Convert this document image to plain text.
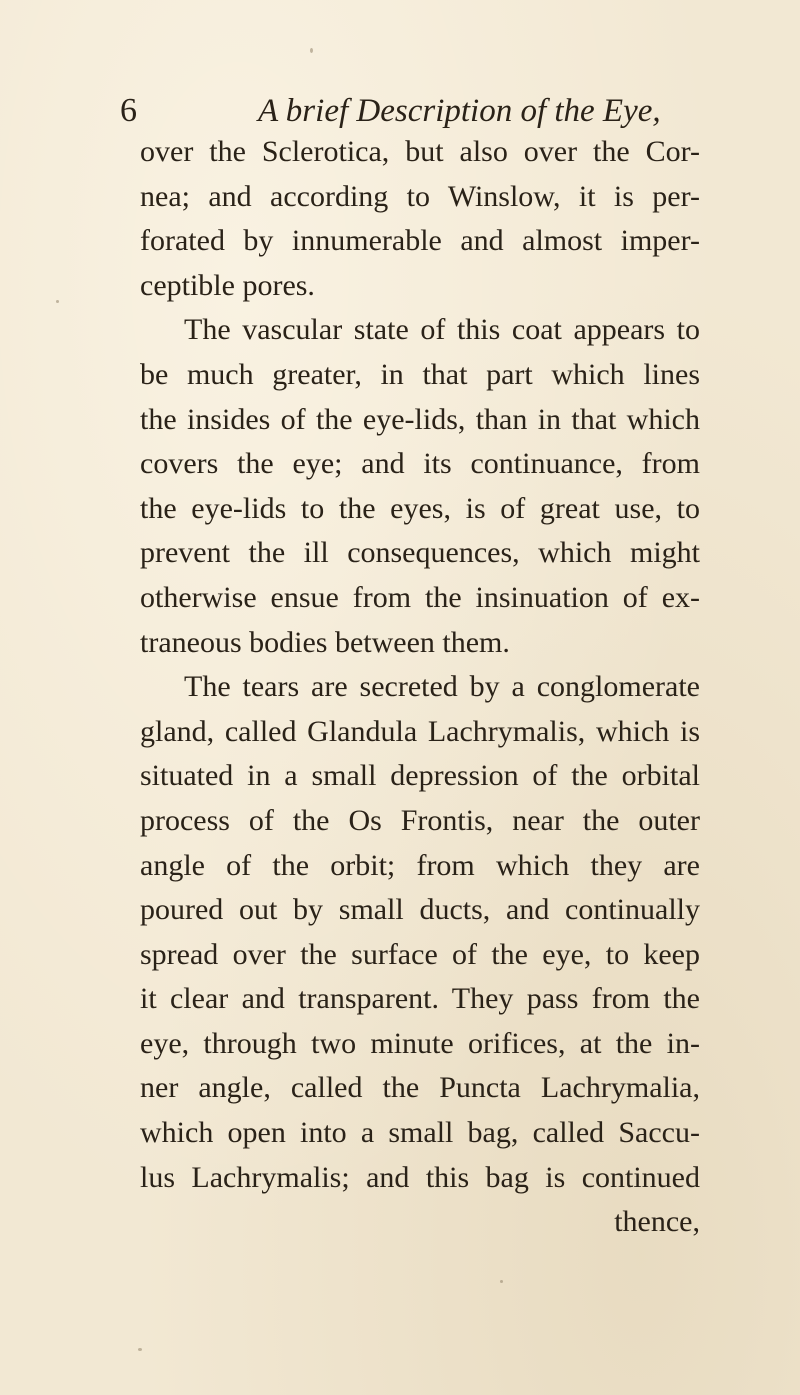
6	A brief Description of the Eye,
over the Sclerotica, but also over the Cor-
nea; and according to Winslow, it is per-
forated by innumerable and almost imper-
ceptible pores.
The vascular state of this coat appears to
be much greater, in that part which lines
the insides of the eye-lids, than in that which
covers the eye; and its continuance, from
the eye-lids to the eyes, is of great use, to
prevent the ill consequences, which might
otherwise ensue from the insinuation of ex-
traneous bodies between them.
The tears are secreted by a conglomerate
gland, called Glandula Lachrymalis, which is
situated in a small depression of the orbital
process of the Os Frontis, near the outer
angle of the orbit; from which they are
poured out by small ducts, and continually
spread over the surface of the eye, to keep
it clear and transparent. They pass from the
eye, through two minute orifices, at the in-
ner angle, called the Puncta Lachrymalia,
which open into a small bag, called Saccu-
lus Lachrymalis; and this bag is continued
thence,
